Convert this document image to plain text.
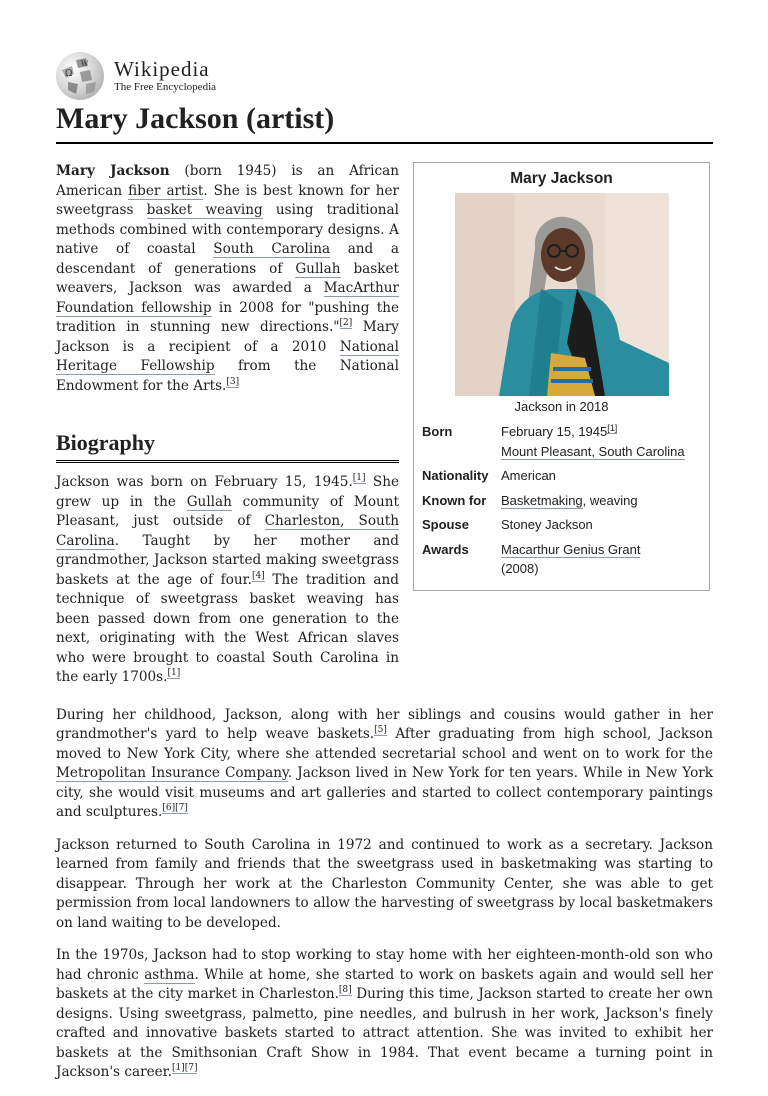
Ω
W Wikipedia
The Free Encyclopedia
Mary Jackson (artist)

Mary Jackson (born 1945) is an African American fiber artist. She is best known for her sweetgrass basket weaving using traditional methods combined with contemporary designs. A native of coastal South Carolina and a descendant of generations of Gullah basket weavers, Jackson was awarded a MacArthur Foundation fellowship in 2008 for "pushing the tradition in stunning new directions."[2] Mary Jackson is a recipient of a 2010 National Heritage Fellowship from the National Endowment for the Arts.[3]

Biography

Jackson was born on February 15, 1945.[1] She grew up in the Gullah community of Mount Pleasant, just outside of Charleston, South Carolina. Taught by her mother and grandmother, Jackson started making sweetgrass baskets at the age of four.[4] The tradition and technique of sweetgrass basket weaving has been passed down from one generation to the next, originating with the West African slaves who were brought to coastal South Carolina in the early 1700s.[1]

During her childhood, Jackson, along with her siblings and cousins would gather in her grandmother's yard to help weave baskets.[5] After graduating from high school, Jackson moved to New York City, where she attended secretarial school and went on to work for the Metropolitan Insurance Company. Jackson lived in New York for ten years. While in New York city, she would visit museums and art galleries and started to collect contemporary paintings and sculptures.[6][7]

Jackson returned to South Carolina in 1972 and continued to work as a secretary. Jackson learned from family and friends that the sweetgrass used in basketmaking was starting to disappear. Through her work at the Charleston Community Center, she was able to get permission from local landowners to allow the harvesting of sweetgrass by local basketmakers on land waiting to be developed.

In the 1970s, Jackson had to stop working to stay home with her eighteen-month-old son who had chronic asthma. While at home, she started to work on baskets again and would sell her baskets at the city market in Charleston.[8] During this time, Jackson started to create her own designs. Using sweetgrass, palmetto, pine needles, and bulrush in her work, Jackson's finely crafted and innovative baskets started to attract attention. She was invited to exhibit her baskets at the Smithsonian Craft Show in 1984. That event became a turning point in Jackson's career.[1][7]

Mary Jackson
Jackson in 2018
Born	February 15, 1945[1]
Mount Pleasant, South Carolina
Nationality	American
Known for	Basketmaking, weaving
Spouse	Stoney Jackson
Awards	Macarthur Genius Grant
(2008)
